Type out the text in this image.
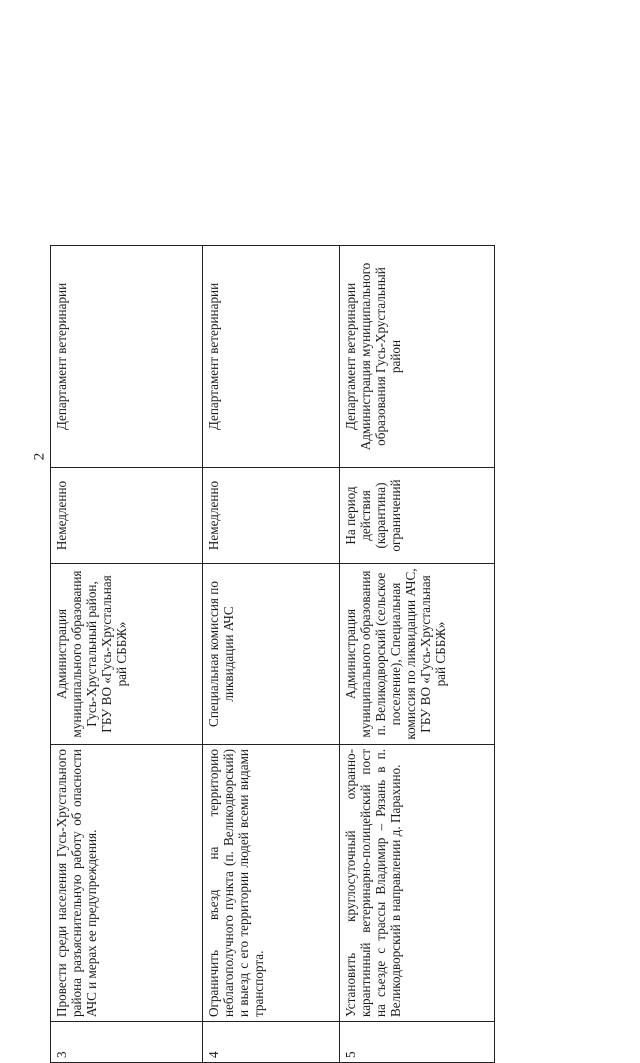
2
3	Провести среди населения Гусь-Хрустального района разъяснительную работу об опасности АЧС и мерах ее предупреждения.	Администрация муниципального образования Гусь-Хрустальный район, ГБУ ВО «Гусь-Хрустальная рай СББЖ»	Немедленно	Департамент ветеринарии
4	Ограничить въезд на территорию неблагополучного пункта (п. Великодворский) и выезд с его территории людей всеми видами транспорта.	Специальная комиссия по ликвидации АЧС	Немедленно	Департамент ветеринарии
5	Установить круглосуточный охранно-карантинный ветеринарно-полицейский пост на съезде с трассы Владимир – Рязань в п. Великодворский в направлении д. Парахино.	Администрация муниципального образования п. Великодворский (сельское поселение), Специальная комиссия по ликвидации АЧС, ГБУ ВО «Гусь-Хрустальная рай СББЖ»	На период действия (карантина) ограничений	Департамент ветеринарии Администрация муниципального образования Гусь-Хрустальный район
